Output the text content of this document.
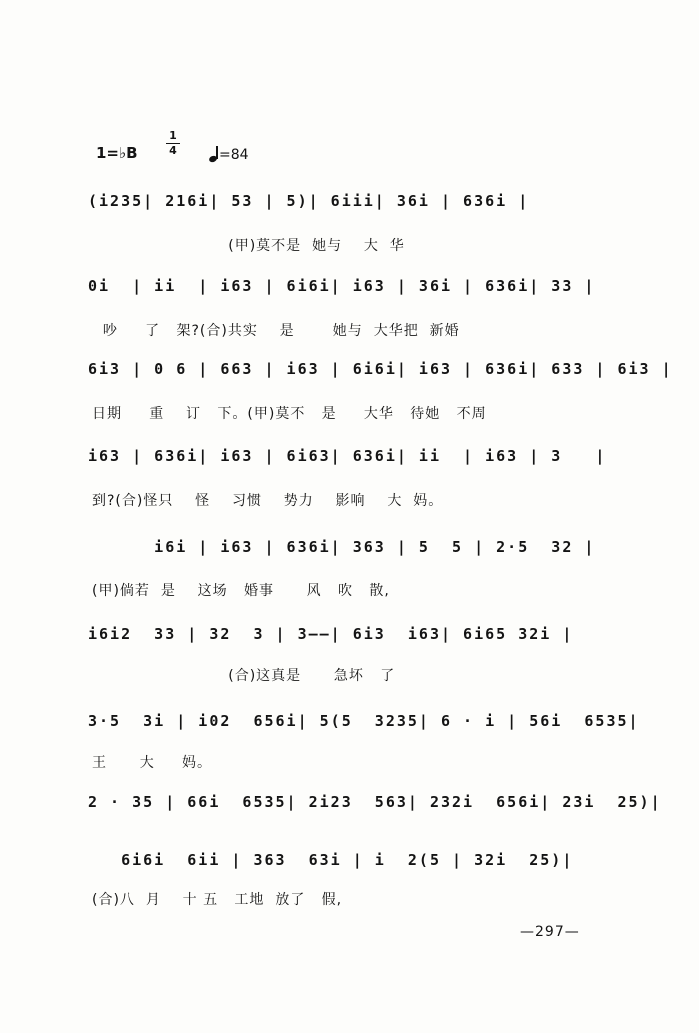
1=♭B
1
4	=84
(i235| 216i| 53 | 5)| 6iii| 36i | 636i |
(甲)莫不是  她与    大  华
0i  | ii  | i63 | 6i6i| i63 | 36i | 636i| 33 |
吵     了   架?(合)共实    是       她与  大华把  新婚
6i3 | 0 6 | 663 | i63 | 6i6i| i63 | 636i| 633 | 6i3 |
日期     重    订   下。(甲)莫不   是     大华   待她   不周
i63 | 636i| i63 | 6i63| 636i| ii  | i63 | 3   |
到?(合)怪只    怪    习惯    势力    影响    大  妈。
i6i | i63 | 636i| 363 | 5  5 | 2·5  32 |
(甲)倘若  是    这场   婚事      风   吹   散,
i6i2  33 | 32  3 | 3——| 6i3  i63| 6i65 32i |
(合)这真是      急坏   了
3·5  3i | i02  656i| 5(5  3235| 6 · i | 56i  6535|
王      大     妈。
2 · 35 | 66i  6535| 2i23  563| 232i  656i| 23i  25)|
6i6i  6ii | 363  63i | i  2(5 | 32i  25)|
(合)八  月    十 五   工地  放了   假,
—297—
